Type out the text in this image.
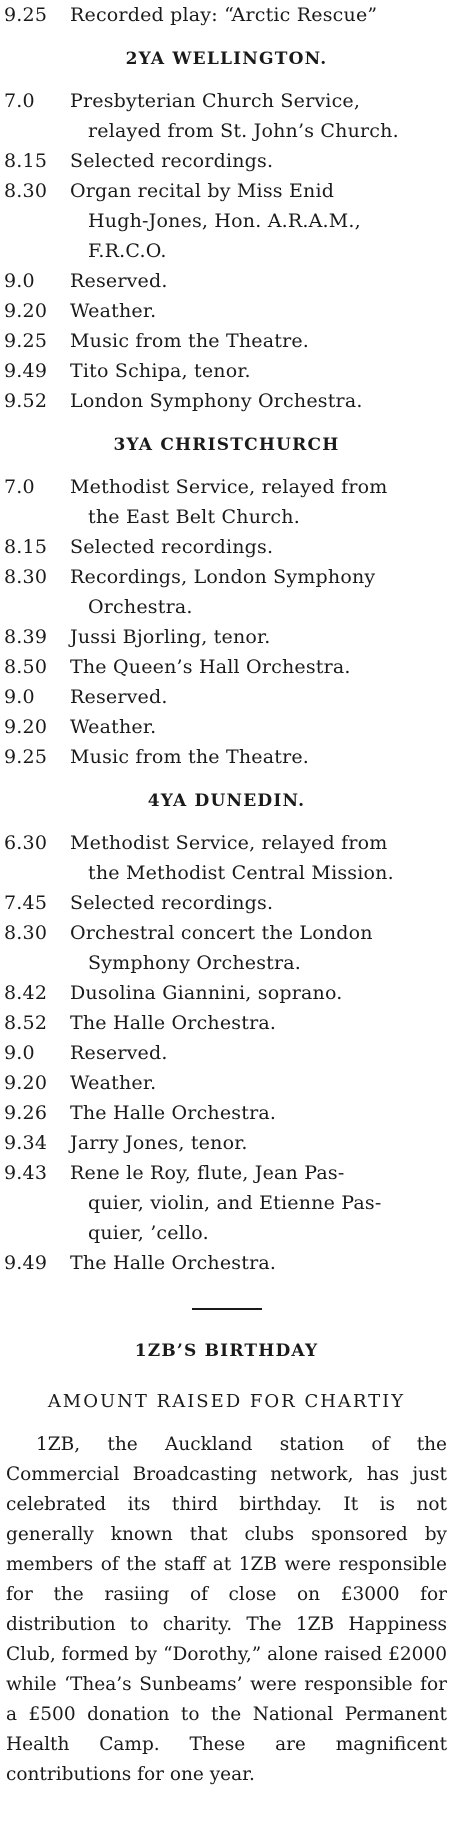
9.25	Recorded play: “Arctic Rescue”
2YA WELLINGTON.
7.0	Presbyterian Church Service,
relayed from St. John’s Church.
8.15	Selected recordings.
8.30	Organ recital by Miss Enid
Hugh-Jones, Hon. A.R.A.M.,
F.R.C.O.
9.0	Reserved.
9.20	Weather.
9.25	Music from the Theatre.
9.49	Tito Schipa, tenor.
9.52	London Symphony Orchestra.
3YA CHRISTCHURCH
7.0	Methodist Service, relayed from
the East Belt Church.
8.15	Selected recordings.
8.30	Recordings, London Symphony
Orchestra.
8.39	Jussi Bjorling, tenor.
8.50	The Queen’s Hall Orchestra.
9.0	Reserved.
9.20	Weather.
9.25	Music from the Theatre.
4YA DUNEDIN.
6.30	Methodist Service, relayed from
the Methodist Central Mission.
7.45	Selected recordings.
8.30	Orchestral concert the London
Symphony Orchestra.
8.42	Dusolina Giannini, soprano.
8.52	The Halle Orchestra.
9.0	Reserved.
9.20	Weather.
9.26	The Halle Orchestra.
9.34	Jarry Jones, tenor.
9.43	Rene le Roy, flute, Jean Pas-
quier, violin, and Etienne Pas-
quier, ’cello.
9.49	The Halle Orchestra.
1ZB’S BIRTHDAY
AMOUNT RAISED FOR CHARTIY

1ZB, the Auckland station of the Commercial Broadcasting network, has just celebrated its third birthday. It is not generally known that clubs sponsored by members of the staff at 1ZB were responsible for the rasiing of close on £3000 for distribution to charity. The 1ZB Happiness Club, formed by “Dorothy,” alone raised £2000 while ‘Thea’s Sunbeams’ were responsible for a £500 donation to the National Permanent Health Camp. These are magnificent contributions for one year.
